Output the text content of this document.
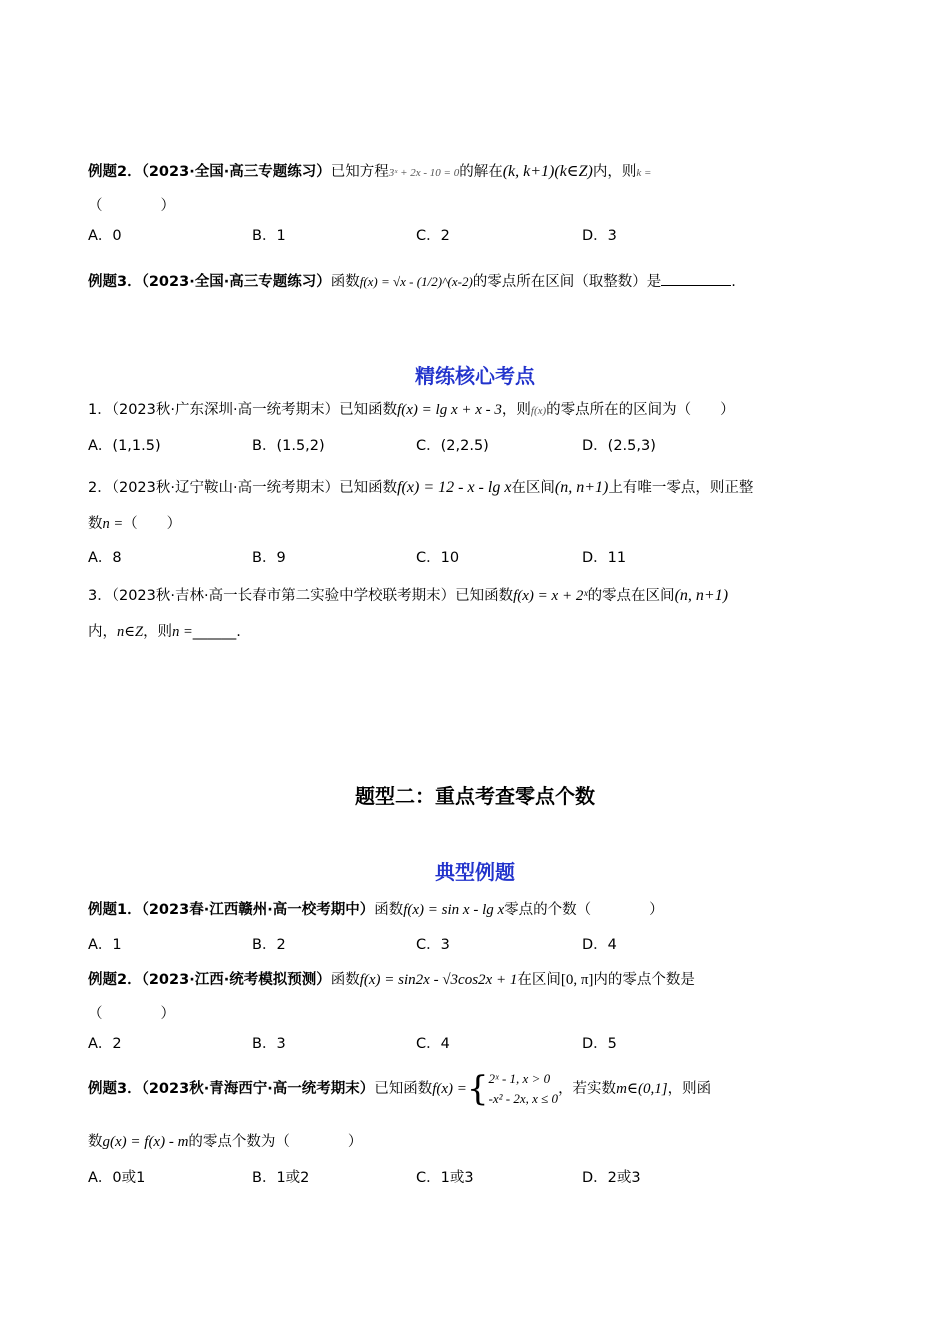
例题2．（2023·全国·高三专题练习）已知方程3ˣ + 2x - 10 = 0的解在(k, k+1)(k∈Z)内，则k =
（　　　　）
A．0	B．1	C．2	D．3
例题3．（2023·全国·高三专题练习）函数f(x) = √x - (1/2)^(x-2)的零点所在区间（取整数）是	.
精练核心考点
1．（2023秋·广东深圳·高一统考期末）已知函数f(x) = lg x + x - 3，则f(x)的零点所在的区间为（　　）
A．(1,1.5)	B．(1.5,2)	C．(2,2.5)	D．(2.5,3)
2．（2023秋·辽宁鞍山·高一统考期末）已知函数f(x) = 12 - x - lg x在区间(n, n+1)上有唯一零点，则正整
数n =（　　）
A．8	B．9	C．10	D．11
3．（2023秋·吉林·高一长春市第二实验中学校联考期末）已知函数f(x) = x + 2ˣ的零点在区间(n, n+1)
内，n∈Z，则n =______.
题型二：重点考查零点个数
典型例题
例题1．（2023春·江西赣州·高一校考期中）函数f(x) = sin x - lg x零点的个数（　　　　）
A．1	B．2	C．3	D．4
例题2．（2023·江西·统考模拟预测）函数f(x) = sin2x - √3cos2x + 1在区间[0, π]内的零点个数是
（　　　　）
A．2	B．3	C．4	D．5
例题3．（2023秋·青海西宁·高一统考期末）已知函数f(x) ={ 2ˣ - 1, x > 0
-x² - 2x, x ≤ 0
，若实数m∈(0,1]，则函
数g(x) = f(x) - m的零点个数为（　　　　）
A．0或1	B．1或2	C．1或3	D．2或3
